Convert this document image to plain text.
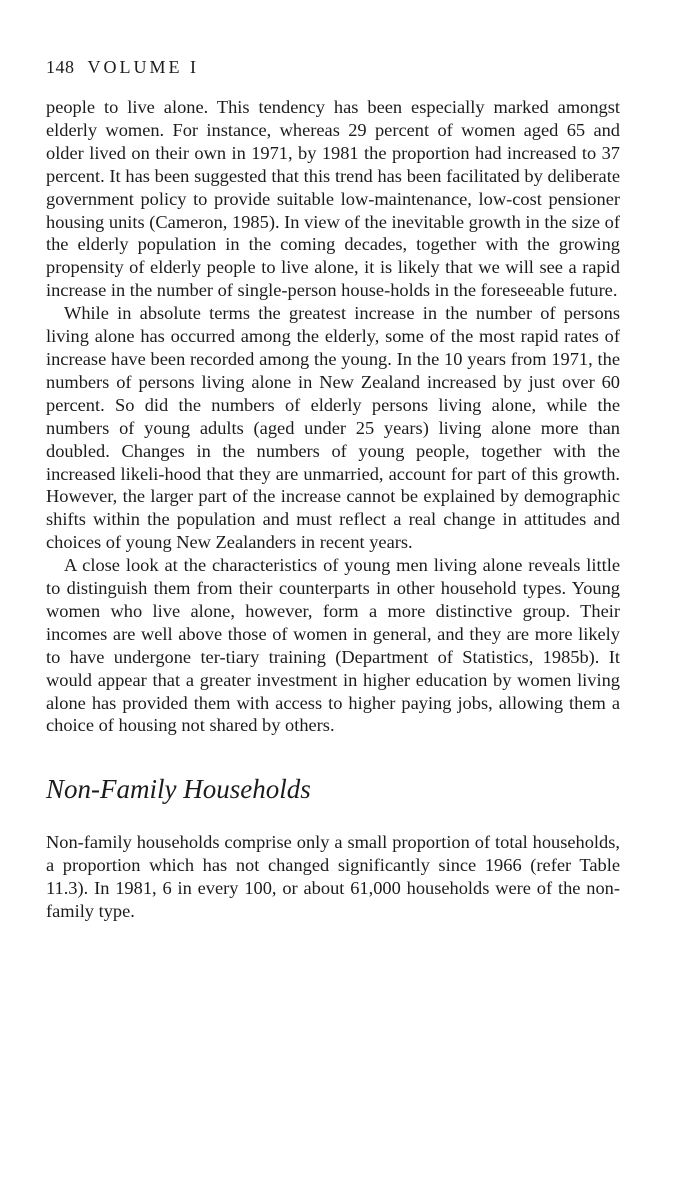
148 VOLUME I

people to live alone. This tendency has been especially marked amongst elderly women. For instance, whereas 29 percent of women aged 65 and older lived on their own in 1971, by 1981 the proportion had increased to 37 percent. It has been suggested that this trend has been facilitated by deliberate government policy to provide suitable low-maintenance, low-cost pensioner housing units (Cameron, 1985). In view of the inevitable growth in the size of the elderly population in the coming decades, together with the growing propensity of elderly people to live alone, it is likely that we will see a rapid increase in the number of single-person house-holds in the foreseeable future.

While in absolute terms the greatest increase in the number of persons living alone has occurred among the elderly, some of the most rapid rates of increase have been recorded among the young. In the 10 years from 1971, the numbers of persons living alone in New Zealand increased by just over 60 percent. So did the numbers of elderly persons living alone, while the numbers of young adults (aged under 25 years) living alone more than doubled. Changes in the numbers of young people, together with the increased likeli-hood that they are unmarried, account for part of this growth. However, the larger part of the increase cannot be explained by demographic shifts within the population and must reflect a real change in attitudes and choices of young New Zealanders in recent years.

A close look at the characteristics of young men living alone reveals little to distinguish them from their counterparts in other household types. Young women who live alone, however, form a more distinctive group. Their incomes are well above those of women in general, and they are more likely to have undergone ter-tiary training (Department of Statistics, 1985b). It would appear that a greater investment in higher education by women living alone has provided them with access to higher paying jobs, allowing them a choice of housing not shared by others.

Non-Family Households

Non-family households comprise only a small proportion of total households, a proportion which has not changed significantly since 1966 (refer Table 11.3). In 1981, 6 in every 100, or about 61,000 households were of the non-family type.
